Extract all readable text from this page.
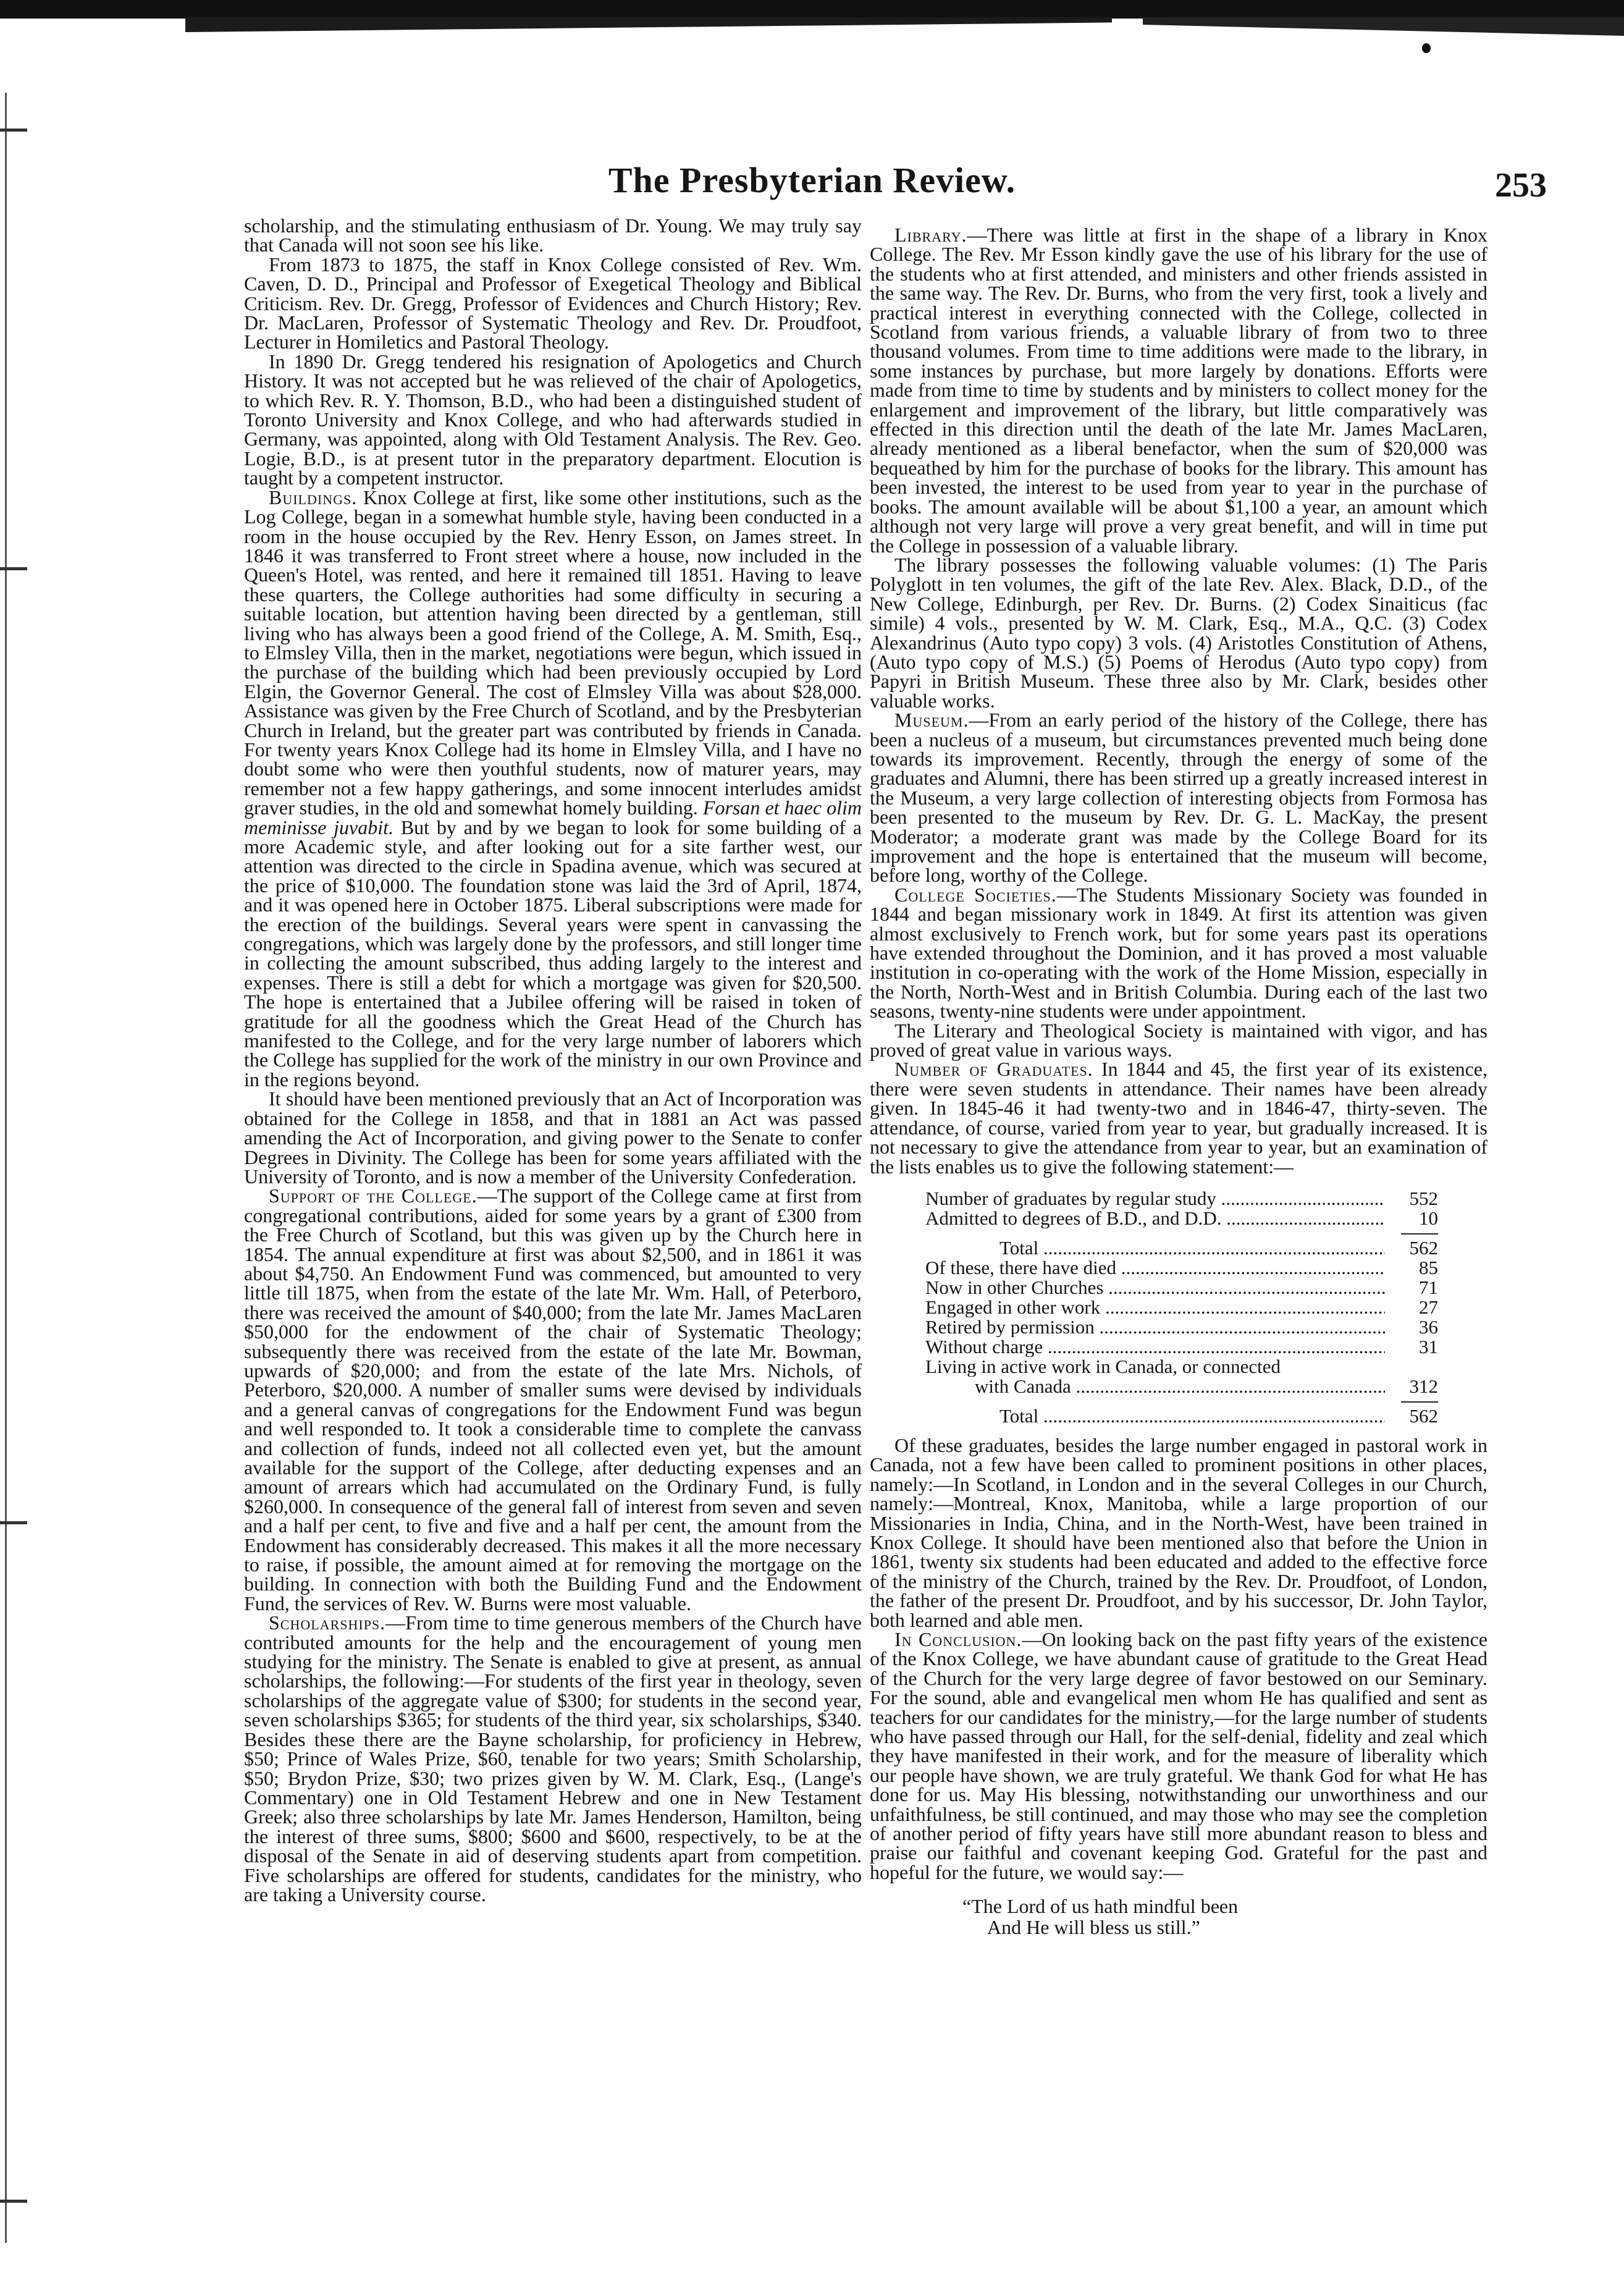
The Presbyterian Review.	253

scholarship, and the stimulating enthusiasm of Dr. Young. We may truly say that Canada will not soon see his like.

From 1873 to 1875, the staff in Knox College consisted of Rev. Wm. Caven, D. D., Principal and Professor of Exegetical Theology and Biblical Criticism. Rev. Dr. Gregg, Professor of Evidences and Church History; Rev. Dr. MacLaren, Professor of Systematic Theology and Rev. Dr. Proudfoot, Lecturer in Homiletics and Pastoral Theology.

In 1890 Dr. Gregg tendered his resignation of Apologetics and Church History. It was not accepted but he was relieved of the chair of Apologetics, to which Rev. R. Y. Thomson, B.D., who had been a distinguished student of Toronto University and Knox College, and who had afterwards studied in Germany, was appointed, along with Old Testament Analysis. The Rev. Geo. Logie, B.D., is at present tutor in the preparatory department. Elocution is taught by a competent instructor.

Buildings. Knox College at first, like some other institutions, such as the Log College, began in a somewhat humble style, having been conducted in a room in the house occupied by the Rev. Henry Esson, on James street. In 1846 it was transferred to Front street where a house, now included in the Queen's Hotel, was rented, and here it remained till 1851. Having to leave these quarters, the College authorities had some difficulty in securing a suitable location, but attention having been directed by a gentleman, still living who has always been a good friend of the College, A. M. Smith, Esq., to Elmsley Villa, then in the market, negotiations were begun, which issued in the purchase of the building which had been previously occupied by Lord Elgin, the Governor General. The cost of Elmsley Villa was about $28,000. Assistance was given by the Free Church of Scotland, and by the Presbyterian Church in Ireland, but the greater part was contributed by friends in Canada. For twenty years Knox College had its home in Elmsley Villa, and I have no doubt some who were then youthful students, now of maturer years, may remember not a few happy gatherings, and some innocent interludes amidst graver studies, in the old and somewhat homely building. Forsan et haec olim meminisse juvabit. But by and by we began to look for some building of a more Academic style, and after looking out for a site farther west, our attention was directed to the circle in Spadina avenue, which was secured at the price of $10,000. The foundation stone was laid the 3rd of April, 1874, and it was opened here in October 1875. Liberal subscriptions were made for the erection of the buildings. Several years were spent in canvassing the congregations, which was largely done by the professors, and still longer time in collecting the amount subscribed, thus adding largely to the interest and expenses. There is still a debt for which a mortgage was given for $20,500. The hope is entertained that a Jubilee offering will be raised in token of gratitude for all the goodness which the Great Head of the Church has manifested to the College, and for the very large number of laborers which the College has supplied for the work of the ministry in our own Province and in the regions beyond.

It should have been mentioned previously that an Act of Incorporation was obtained for the College in 1858, and that in 1881 an Act was passed amending the Act of Incorporation, and giving power to the Senate to confer Degrees in Divinity. The College has been for some years affiliated with the University of Toronto, and is now a member of the University Confederation.

Support of the College.—The support of the College came at first from congregational contributions, aided for some years by a grant of £300 from the Free Church of Scotland, but this was given up by the Church here in 1854. The annual expenditure at first was about $2,500, and in 1861 it was about $4,750. An Endowment Fund was commenced, but amounted to very little till 1875, when from the estate of the late Mr. Wm. Hall, of Peterboro, there was received the amount of $40,000; from the late Mr. James MacLaren $50,000 for the endowment of the chair of Systematic Theology; subsequently there was received from the estate of the late Mr. Bowman, upwards of $20,000; and from the estate of the late Mrs. Nichols, of Peterboro, $20,000. A number of smaller sums were devised by individuals and a general canvas of congregations for the Endowment Fund was begun and well responded to. It took a considerable time to complete the canvass and collection of funds, indeed not all collected even yet, but the amount available for the support of the College, after deducting expenses and an amount of arrears which had accumulated on the Ordinary Fund, is fully $260,000. In consequence of the general fall of interest from seven and seven and a half per cent, to five and five and a half per cent, the amount from the Endowment has considerably decreased. This makes it all the more necessary to raise, if possible, the amount aimed at for removing the mortgage on the building. In connection with both the Building Fund and the Endowment Fund, the services of Rev. W. Burns were most valuable.

Scholarships.—From time to time generous members of the Church have contributed amounts for the help and the encouragement of young men studying for the ministry. The Senate is enabled to give at present, as annual scholarships, the following:—For students of the first year in theology, seven scholarships of the aggregate value of $300; for students in the second year, seven scholarships $365; for students of the third year, six scholarships, $340. Besides these there are the Bayne scholarship, for proficiency in Hebrew, $50; Prince of Wales Prize, $60, tenable for two years; Smith Scholarship, $50; Brydon Prize, $30; two prizes given by W. M. Clark, Esq., (Lange's Commentary) one in Old Testament Hebrew and one in New Testament Greek; also three scholarships by late Mr. James Henderson, Hamilton, being the interest of three sums, $800; $600 and $600, respectively, to be at the disposal of the Senate in aid of deserving students apart from competition. Five scholarships are offered for students, candidates for the ministry, who are taking a University course.

Library.—There was little at first in the shape of a library in Knox College. The Rev. Mr Esson kindly gave the use of his library for the use of the students who at first attended, and ministers and other friends assisted in the same way. The Rev. Dr. Burns, who from the very first, took a lively and practical interest in everything connected with the College, collected in Scotland from various friends, a valuable library of from two to three thousand volumes. From time to time additions were made to the library, in some instances by purchase, but more largely by donations. Efforts were made from time to time by students and by ministers to collect money for the enlargement and improvement of the library, but little comparatively was effected in this direction until the death of the late Mr. James MacLaren, already mentioned as a liberal benefactor, when the sum of $20,000 was bequeathed by him for the purchase of books for the library. This amount has been invested, the interest to be used from year to year in the purchase of books. The amount available will be about $1,100 a year, an amount which although not very large will prove a very great benefit, and will in time put the College in possession of a valuable library.

The library possesses the following valuable volumes: (1) The Paris Polyglott in ten volumes, the gift of the late Rev. Alex. Black, D.D., of the New College, Edinburgh, per Rev. Dr. Burns. (2) Codex Sinaiticus (fac simile) 4 vols., presented by W. M. Clark, Esq., M.A., Q.C. (3) Codex Alexandrinus (Auto typo copy) 3 vols. (4) Aristotles Constitution of Athens, (Auto typo copy of M.S.) (5) Poems of Herodus (Auto typo copy) from Papyri in British Museum. These three also by Mr. Clark, besides other valuable works.

Museum.—From an early period of the history of the College, there has been a nucleus of a museum, but circumstances prevented much being done towards its improvement. Recently, through the energy of some of the graduates and Alumni, there has been stirred up a greatly increased interest in the Museum, a very large collection of interesting objects from Formosa has been presented to the museum by Rev. Dr. G. L. MacKay, the present Moderator; a moderate grant was made by the College Board for its improvement and the hope is entertained that the museum will become, before long, worthy of the College.

College Societies.—The Students Missionary Society was founded in 1844 and began missionary work in 1849. At first its attention was given almost exclusively to French work, but for some years past its operations have extended throughout the Dominion, and it has proved a most valuable institution in co-operating with the work of the Home Mission, especially in the North, North-West and in British Columbia. During each of the last two seasons, twenty-nine students were under appointment.

The Literary and Theological Society is maintained with vigor, and has proved of great value in various ways.

Number of Graduates. In 1844 and 45, the first year of its existence, there were seven students in attendance. Their names have been already given. In 1845-46 it had twenty-two and in 1846-47, thirty-seven. The attendance, of course, varied from year to year, but gradually increased. It is not necessary to give the attendance from year to year, but an examination of the lists enables us to give the following statement:—

Number of graduates by regular study .....	552
Admitted to degrees of B.D., and D.D. .....	10
Total .....	562
Of these, there have died .....	85
Now in other Churches .....	71
Engaged in other work .....	27
Retired by permission .....	36
Without charge .....	31
Living in active work in Canada, or connected
with Canada .....	312
Total .....	562

Of these graduates, besides the large number engaged in pastoral work in Canada, not a few have been called to prominent positions in other places, namely:—In Scotland, in London and in the several Colleges in our Church, namely:—Montreal, Knox, Manitoba, while a large proportion of our Missionaries in India, China, and in the North-West, have been trained in Knox College. It should have been mentioned also that before the Union in 1861, twenty six students had been educated and added to the effective force of the ministry of the Church, trained by the Rev. Dr. Proudfoot, of London, the father of the present Dr. Proudfoot, and by his successor, Dr. John Taylor, both learned and able men.

In Conclusion.—On looking back on the past fifty years of the existence of the Knox College, we have abundant cause of gratitude to the Great Head of the Church for the very large degree of favor bestowed on our Seminary. For the sound, able and evangelical men whom He has qualified and sent as teachers for our candidates for the ministry,—for the large number of students who have passed through our Hall, for the self-denial, fidelity and zeal which they have manifested in their work, and for the measure of liberality which our people have shown, we are truly grateful. We thank God for what He has done for us. May His blessing, notwithstanding our unworthiness and our unfaithfulness, be still continued, and may those who may see the completion of another period of fifty years have still more abundant reason to bless and praise our faithful and covenant keeping God. Grateful for the past and hopeful for the future, we would say:—

“The Lord of us hath mindful been
And He will bless us still.”
